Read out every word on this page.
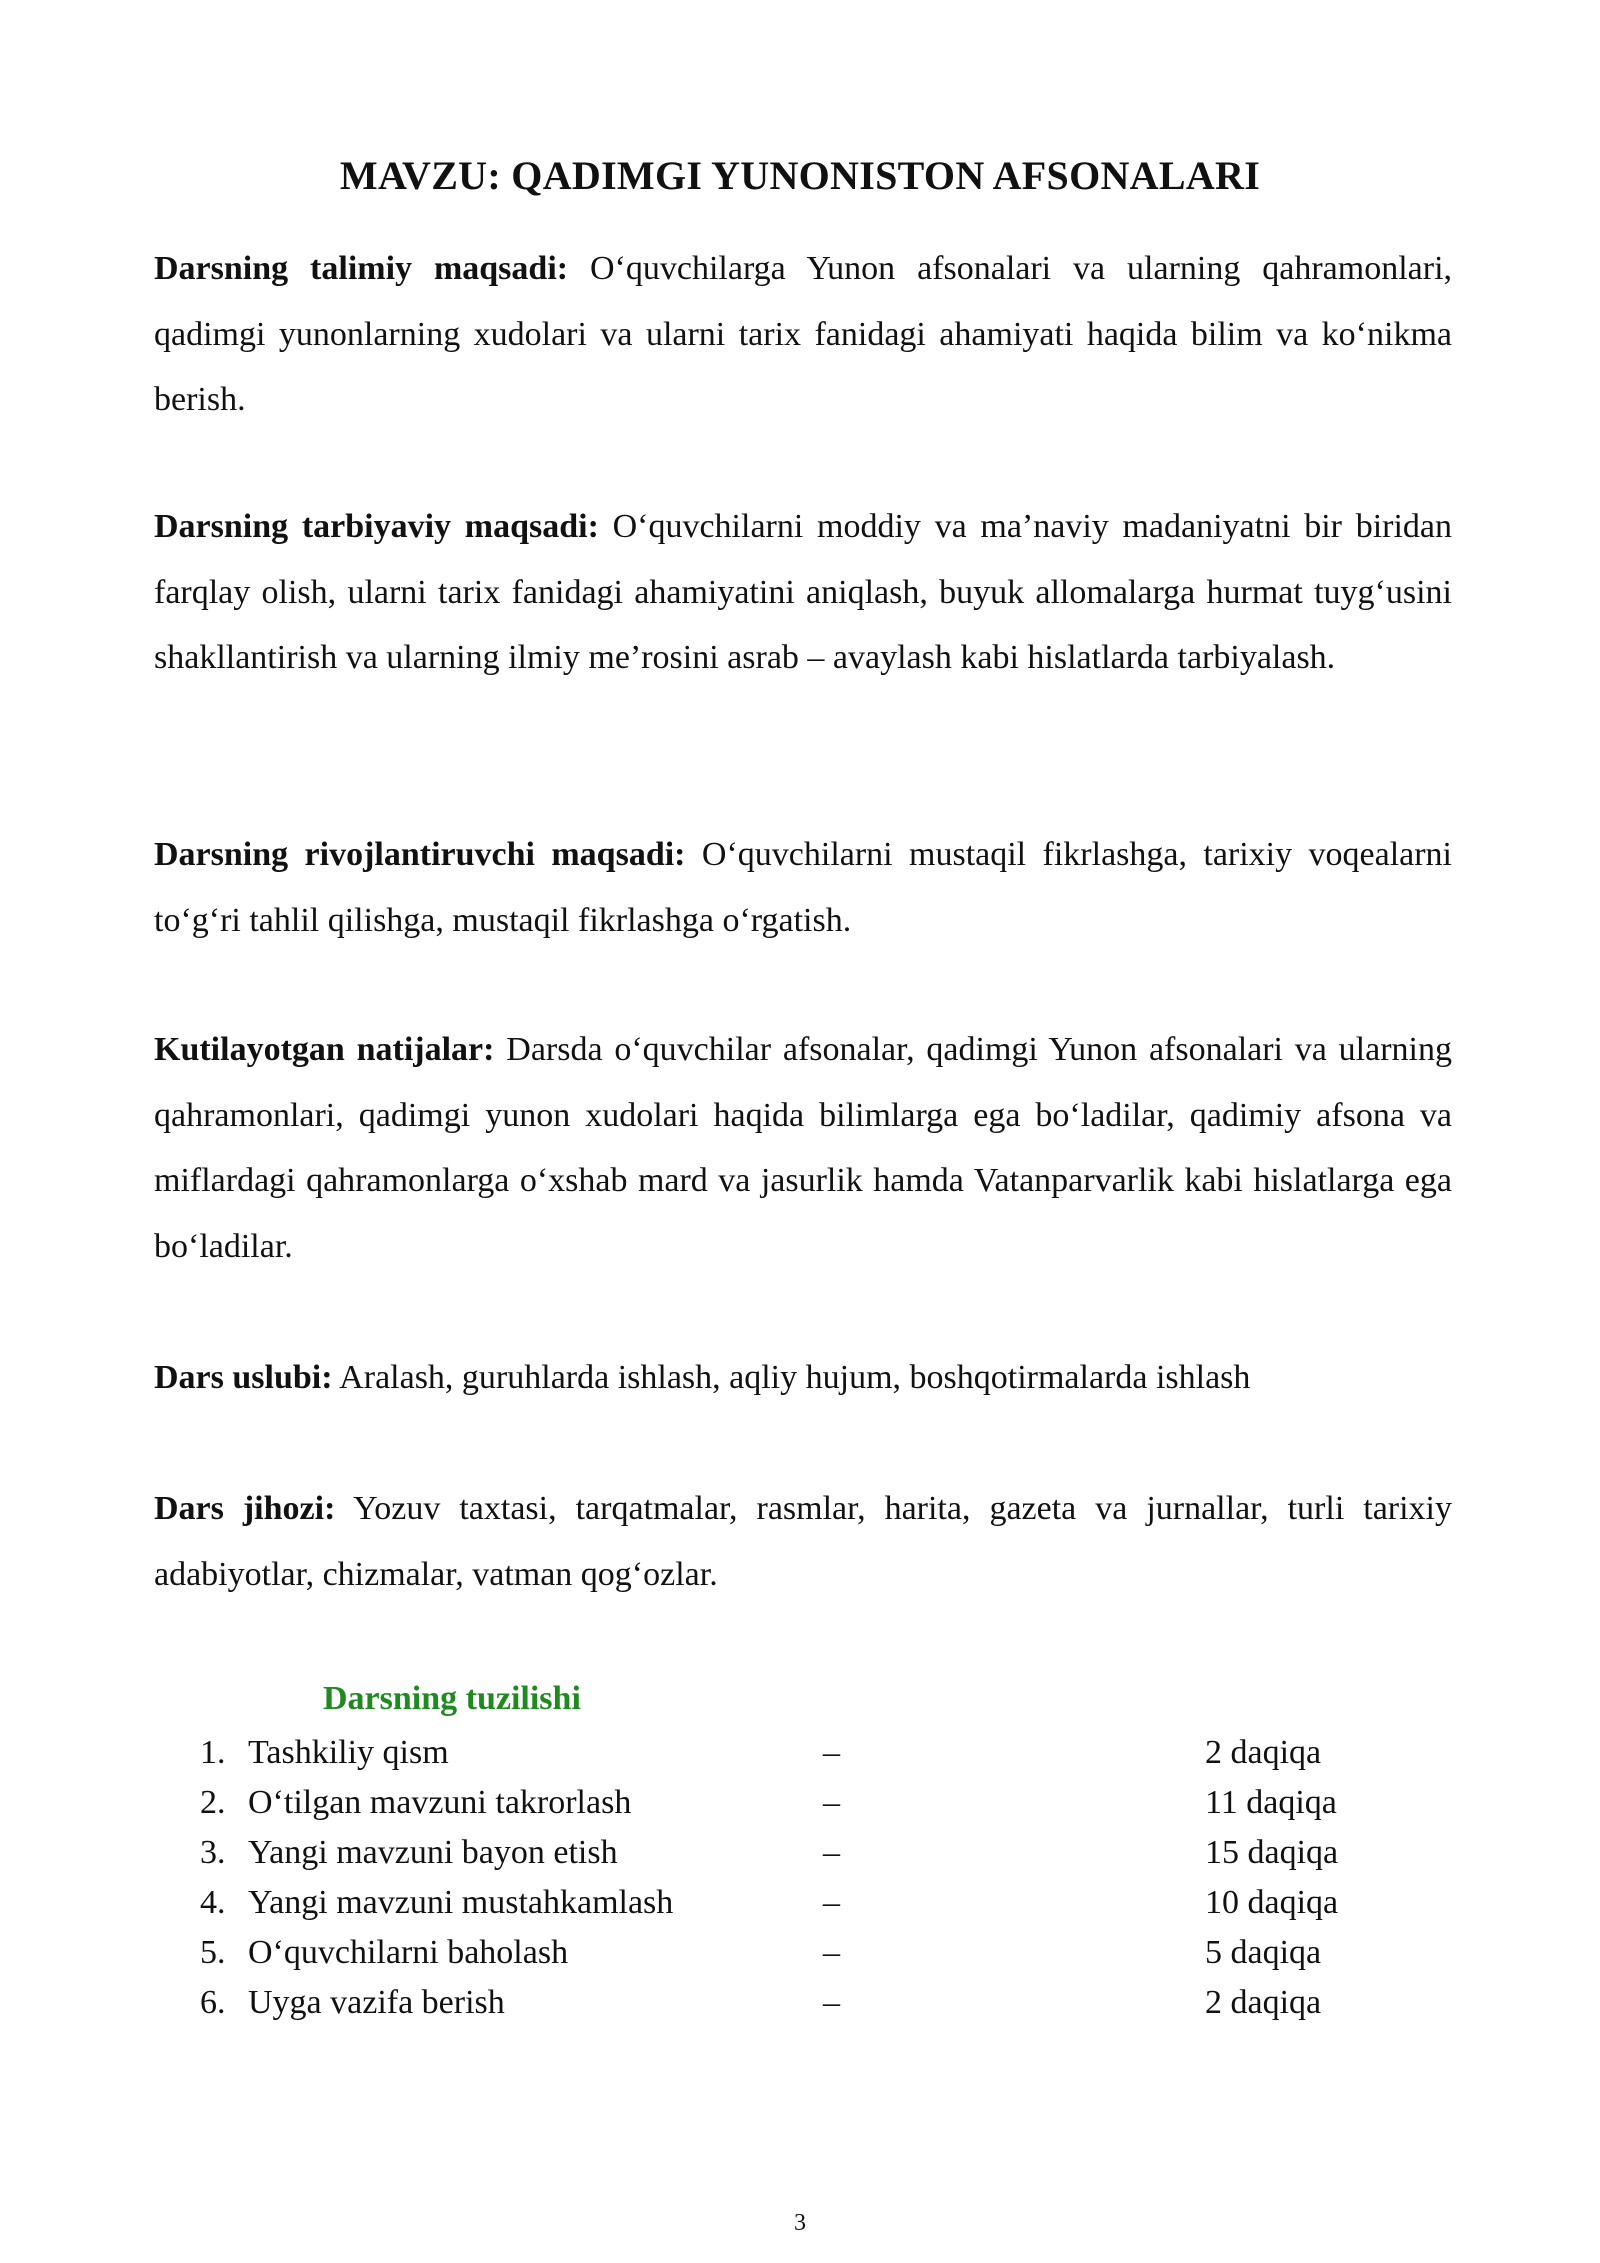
MAVZU: QADIMGI YUNONISTON AFSONALARI
Darsning talimiy maqsadi: O‘quvchilarga Yunon afsonalari va ularning qahramonlari, qadimgi yunonlarning xudolari va ularni tarix fanidagi ahamiyati haqida bilim va ko‘nikma berish.
Darsning tarbiyaviy maqsadi: O‘quvchilarni moddiy va ma’naviy madaniyatni bir biridan farqlay olish, ularni tarix fanidagi ahamiyatini aniqlash, buyuk allomalarga hurmat tuyg‘usini shakllantirish va ularning ilmiy me’rosini asrab – avaylash kabi hislatlarda tarbiyalash.
Darsning rivojlantiruvchi maqsadi: O‘quvchilarni mustaqil fikrlashga, tarixiy voqealarni to‘g‘ri tahlil qilishga, mustaqil fikrlashga o‘rgatish.
Kutilayotgan natijalar: Darsda o‘quvchilar afsonalar, qadimgi Yunon afsonalari va ularning qahramonlari, qadimgi yunon xudolari haqida bilimlarga ega bo‘ladilar, qadimiy afsona va miflardagi qahramonlarga o‘xshab mard va jasurlik hamda Vatanparvarlik kabi hislatlarga ega bo‘ladilar.
Dars uslubi: Aralash, guruhlarda ishlash, aqliy hujum, boshqotirmalarda ishlash
Dars jihozi: Yozuv taxtasi, tarqatmalar, rasmlar, harita, gazeta va jurnallar, turli tarixiy adabiyotlar, chizmalar, vatman qog‘ozlar.
Darsning tuzilishi
1. Tashkiliy qism	–	2 daqiqa
2. O‘tilgan mavzuni takrorlash	–	11 daqiqa
3. Yangi mavzuni bayon etish	–	15 daqiqa
4. Yangi mavzuni mustahkamlash	–	10 daqiqa
5. O‘quvchilarni baholash	–	5 daqiqa
6. Uyga vazifa berish	–	2 daqiqa
3
